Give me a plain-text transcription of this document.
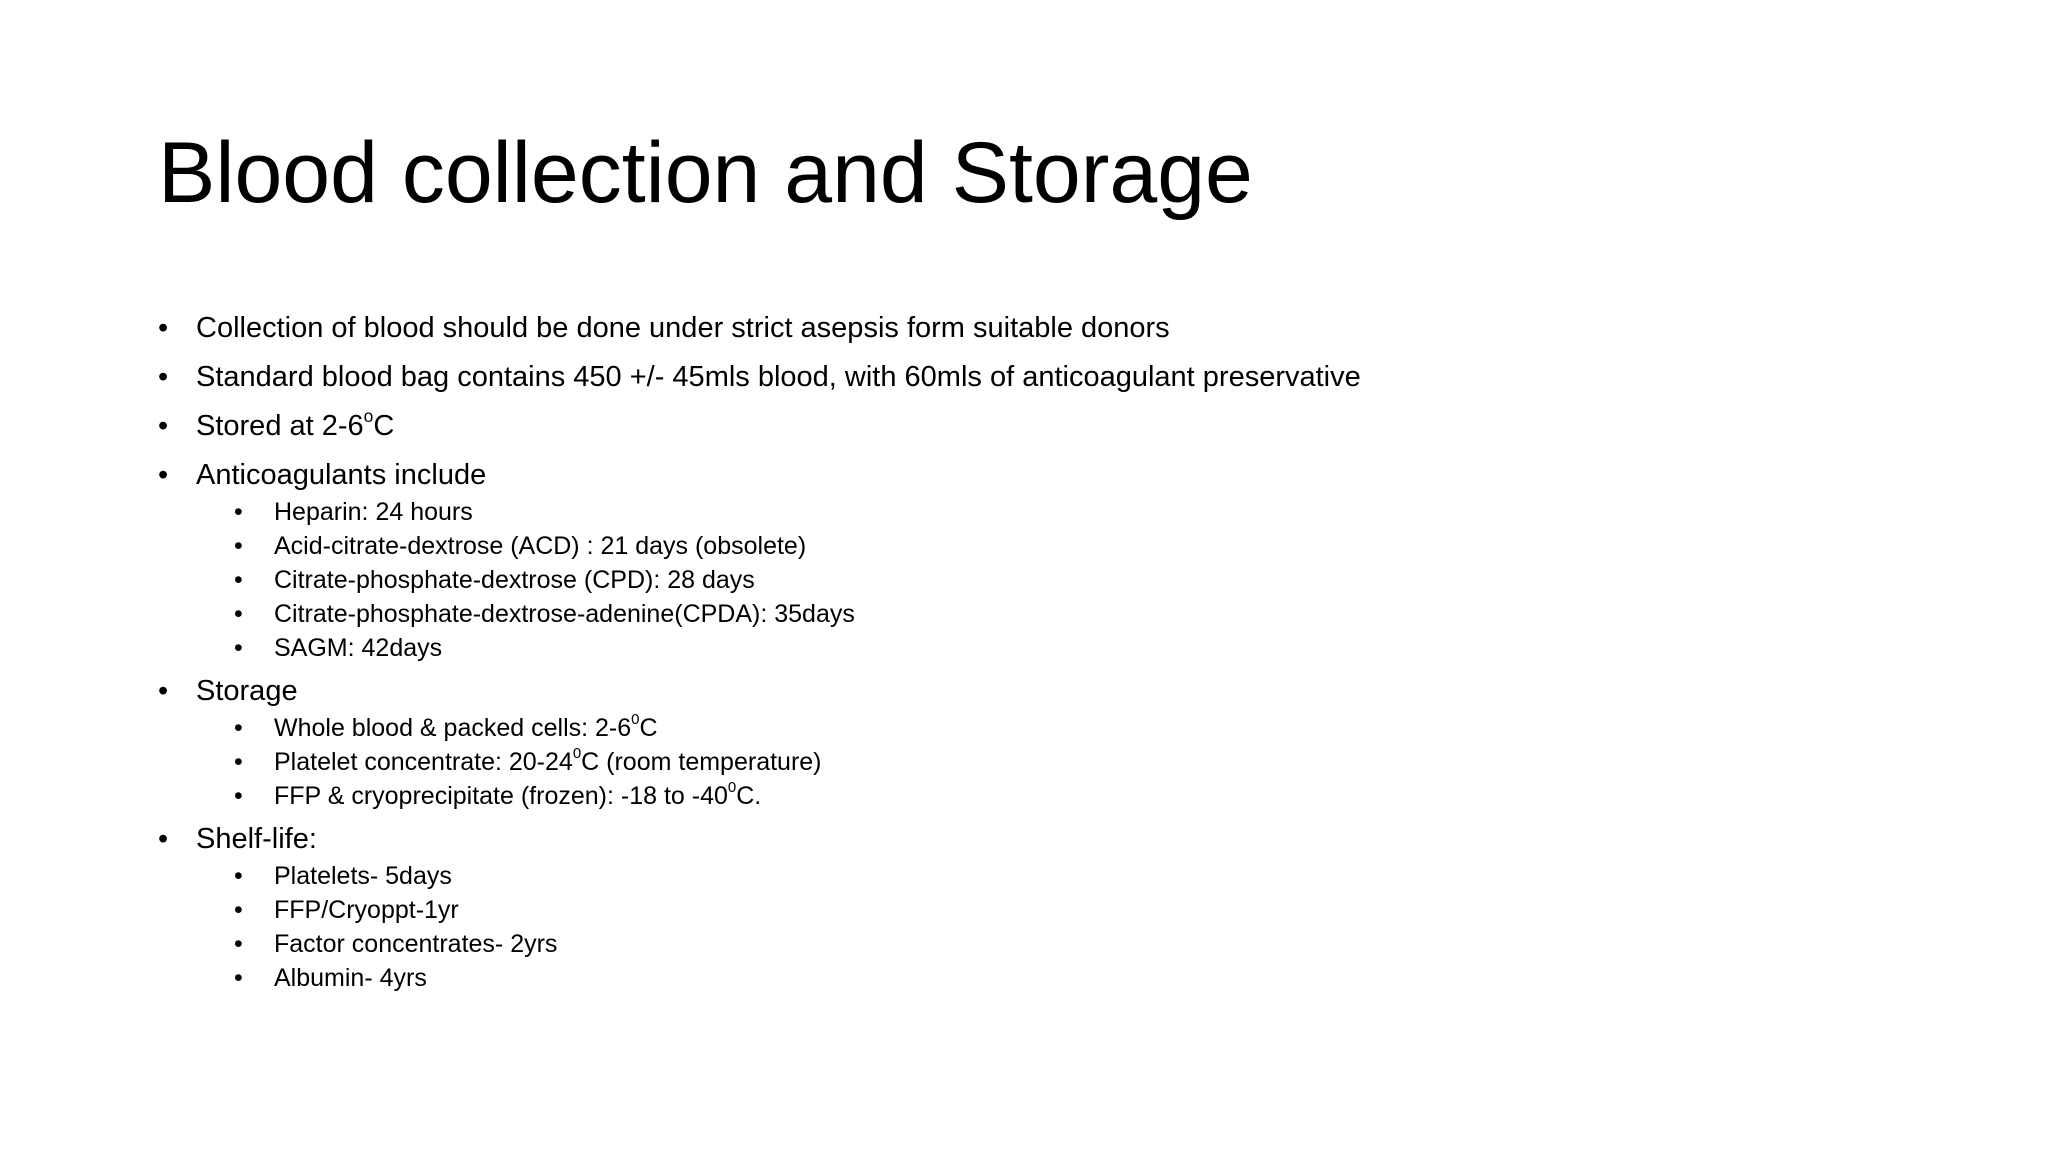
Blood collection and Storage
• Collection of blood should be done under strict asepsis form suitable donors
• Standard blood bag contains 450 +/- 45mls blood, with 60mls of anticoagulant preservative
• Stored at 2-6$^o$C
• Anticoagulants include
• Heparin: 24 hours
• Acid-citrate-dextrose (ACD) : 21 days (obsolete)
• Citrate-phosphate-dextrose (CPD): 28 days
• Citrate-phosphate-dextrose-adenine(CPDA): 35days
• SAGM: 42days
• Storage
• Whole blood & packed cells: $2-6^0C$
• Platelet concentrate: $20-24^0C$ (room temperature)
• FFP & cryoprecipitate (frozen): -18 to $-40^0C$.
• Shelf-life:
• Platelets- 5days
• FFP/Cryoppt-1yr
• Factor concentrates- 2yrs
• Albumin- 4yrs
